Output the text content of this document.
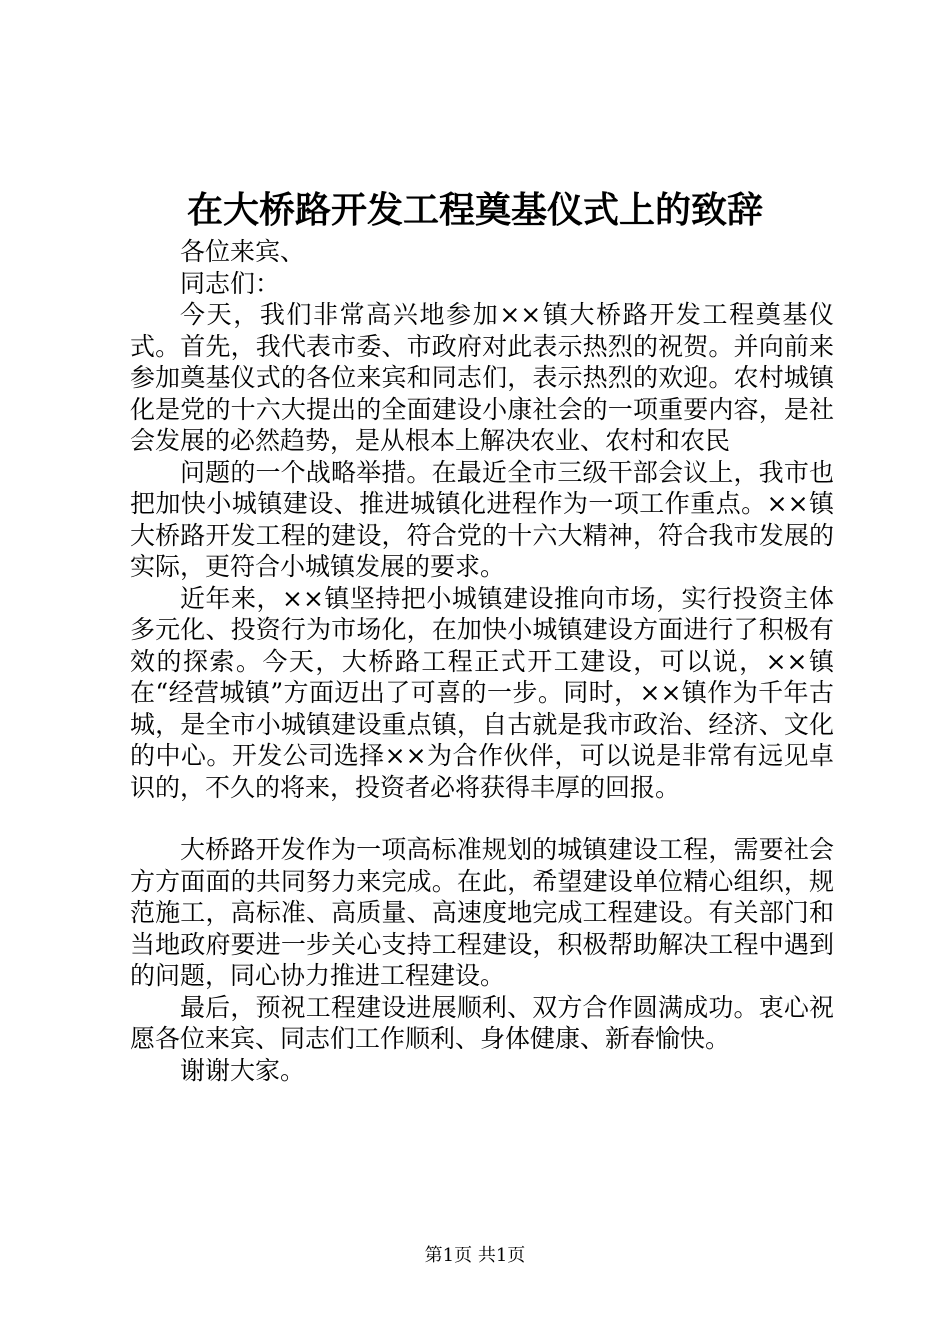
在大桥路开发工程奠基仪式上的致辞

各位来宾、

同志们：

今天，我们非常高兴地参加××镇大桥路开发工程奠基仪式。首先，我代表市委、市政府对此表示热烈的祝贺。并向前来参加奠基仪式的各位来宾和同志们，表示热烈的欢迎。农村城镇化是党的十六大提出的全面建设小康社会的一项重要内容，是社会发展的必然趋势，是从根本上解决农业、农村和农民

问题的一个战略举措。在最近全市三级干部会议上，我市也把加快小城镇建设、推进城镇化进程作为一项工作重点。××镇大桥路开发工程的建设，符合党的十六大精神，符合我市发展的实际，更符合小城镇发展的要求。

近年来，××镇坚持把小城镇建设推向市场，实行投资主体多元化、投资行为市场化，在加快小城镇建设方面进行了积极有效的探索。今天，大桥路工程正式开工建设，可以说，××镇在“经营城镇”方面迈出了可喜的一步。同时，××镇作为千年古城，是全市小城镇建设重点镇，自古就是我市政治、经济、文化的中心。开发公司选择××为合作伙伴，可以说是非常有远见卓识的，不久的将来，投资者必将获得丰厚的回报。

大桥路开发作为一项高标准规划的城镇建设工程，需要社会方方面面的共同努力来完成。在此，希望建设单位精心组织，规范施工，高标准、高质量、高速度地完成工程建设。有关部门和当地政府要进一步关心支持工程建设，积极帮助解决工程中遇到的问题，同心协力推进工程建设。

最后，预祝工程建设进展顺利、双方合作圆满成功。衷心祝愿各位来宾、同志们工作顺利、身体健康、新春愉快。

谢谢大家。

第1页 共1页
